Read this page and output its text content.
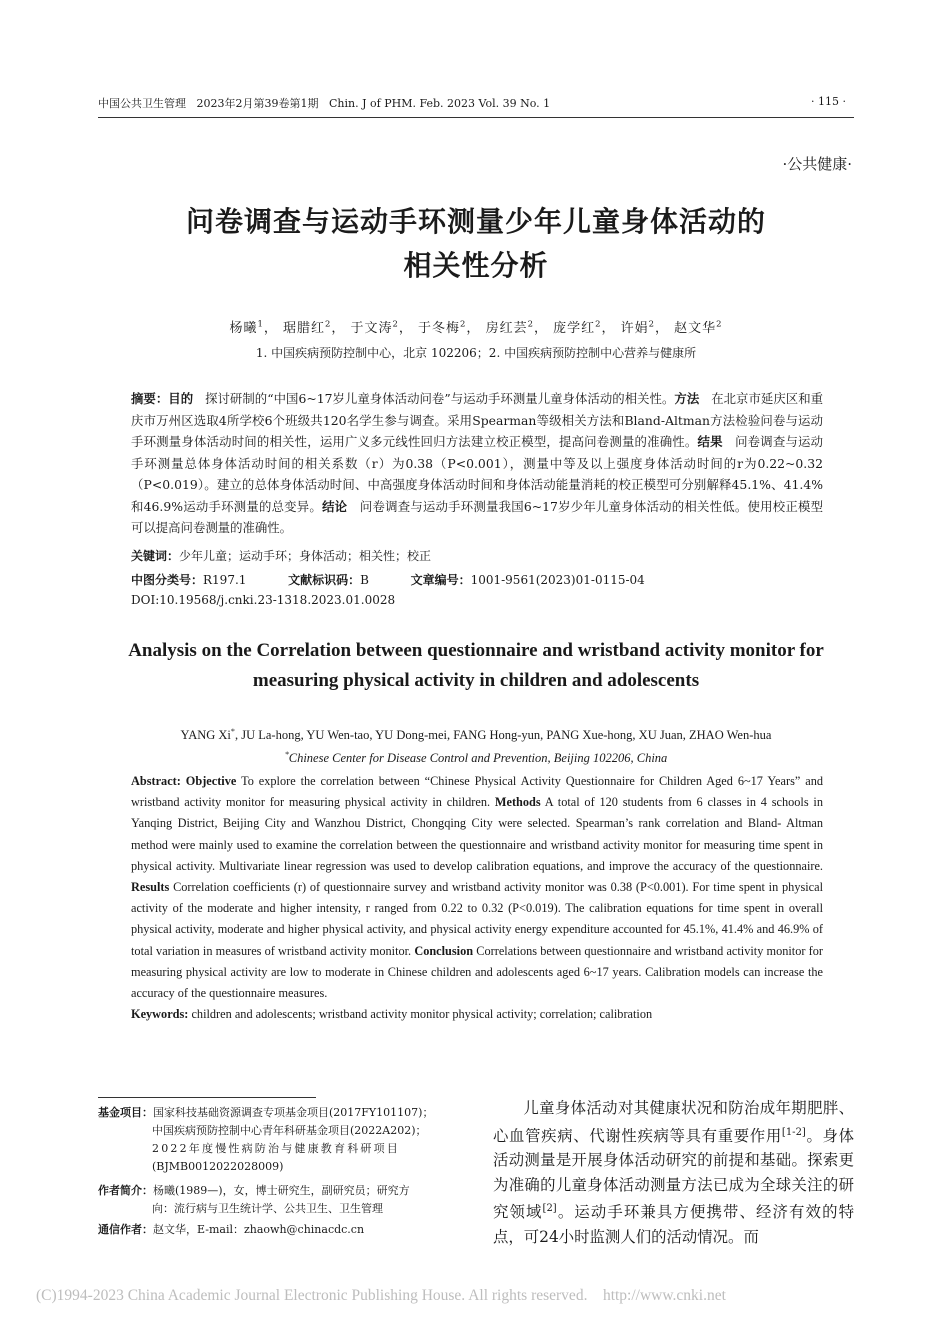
中国公共卫生管理 2023年2月第39卷第1期 Chin. J of PHM. Feb. 2023 Vol. 39 No. 1	· 115 ·
·公共健康·
问卷调查与运动手环测量少年儿童身体活动的
相关性分析
杨曦$^1$， 琚腊红$^2$， 于文涛$^2$， 于冬梅$^2$， 房红芸$^2$， 庞学红$^2$， 许娟$^2$， 赵文华$^2$
1. 中国疾病预防控制中心，北京 102206；2. 中国疾病预防控制中心营养与健康所
摘要：目的 探讨研制的“中国6~17岁儿童身体活动问卷”与运动手环测量儿童身体活动的相关性。方法 在北京市延庆区和重庆市万州区选取4所学校6个班级共120名学生参与调查。采用Spearman等级相关方法和Bland-Altman方法检验问卷与运动手环测量身体活动时间的相关性，运用广义多元线性回归方法建立校正模型，提高问卷测量的准确性。结果 问卷调查与运动手环测量总体身体活动时间的相关系数（r）为0.38（P<0.001），测量中等及以上强度身体活动时间的r为0.22~0.32（P<0.019）。建立的总体身体活动时间、中高强度身体活动时间和身体活动能量消耗的校正模型可分别解释45.1%、41.4%和46.9%运动手环测量的总变异。结论 问卷调查与运动手环测量我国6~17岁少年儿童身体活动的相关性低。使用校正模型可以提高问卷测量的准确性。
关键词：少年儿童；运动手环；身体活动；相关性；校正
中图分类号：R197.1	文献标识码：B	文章编号：1001-9561(2023)01-0115-04
DOI:10.19568/j.cnki.23-1318.2023.01.0028
Analysis on the Correlation between questionnaire and wristband activity monitor for measuring physical activity in children and adolescents
YANG Xi*, JU La-hong, YU Wen-tao, YU Dong-mei, FANG Hong-yun, PANG Xue-hong, XU Juan, ZHAO Wen-hua
*Chinese Center for Disease Control and Prevention, Beijing 102206, China
Abstract: Objective To explore the correlation between “Chinese Physical Activity Questionnaire for Children Aged 6~17 Years” and wristband activity monitor for measuring physical activity in children. Methods A total of 120 students from 6 classes in 4 schools in Yanqing District, Beijing City and Wanzhou District, Chongqing City were selected. Spearman’s rank correlation and Bland- Altman method were mainly used to examine the correlation between the questionnaire and wristband activity monitor for measuring time spent in physical activity. Multivariate linear regression was used to develop calibration equations, and improve the accuracy of the questionnaire. Results Correlation coefficients (r) of questionnaire survey and wristband activity monitor was 0.38 (P<0.001). For time spent in physical activity of the moderate and higher intensity, r ranged from 0.22 to 0.32 (P<0.019). The calibration equations for time spent in overall physical activity, moderate and higher physical activity, and physical activity energy expenditure accounted for 45.1%, 41.4% and 46.9% of total variation in measures of wristband activity monitor. Conclusion Correlations between questionnaire and wristband activity monitor for measuring physical activity are low to moderate in Chinese children and adolescents aged 6~17 years. Calibration models can increase the accuracy of the questionnaire measures.
Keywords: children and adolescents; wristband activity monitor physical activity; correlation; calibration
基金项目：国家科技基础资源调查专项基金项目(2017FY101107)；
中国疾病预防控制中心青年科研基金项目(2022A202)；
2022年度慢性病防治与健康教育科研项目
(BJMB0012022028009)
作者简介：杨曦(1989—)，女，博士研究生，副研究员；研究方
向：流行病与卫生统计学、公共卫生、卫生管理
通信作者：赵文华，E-mail：zhaowh@chinacdc.cn
儿童身体活动对其健康状况和防治成年期肥胖、心血管疾病、代谢性疾病等具有重要作用[1-2]。身体活动测量是开展身体活动研究的前提和基础。探索更为准确的儿童身体活动测量方法已成为全球关注的研究领域[2]。运动手环兼具方便携带、经济有效的特点，可24小时监测人们的活动情况。而
(C)1994-2023 China Academic Journal Electronic Publishing House. All rights reserved.    http://www.cnki.net
